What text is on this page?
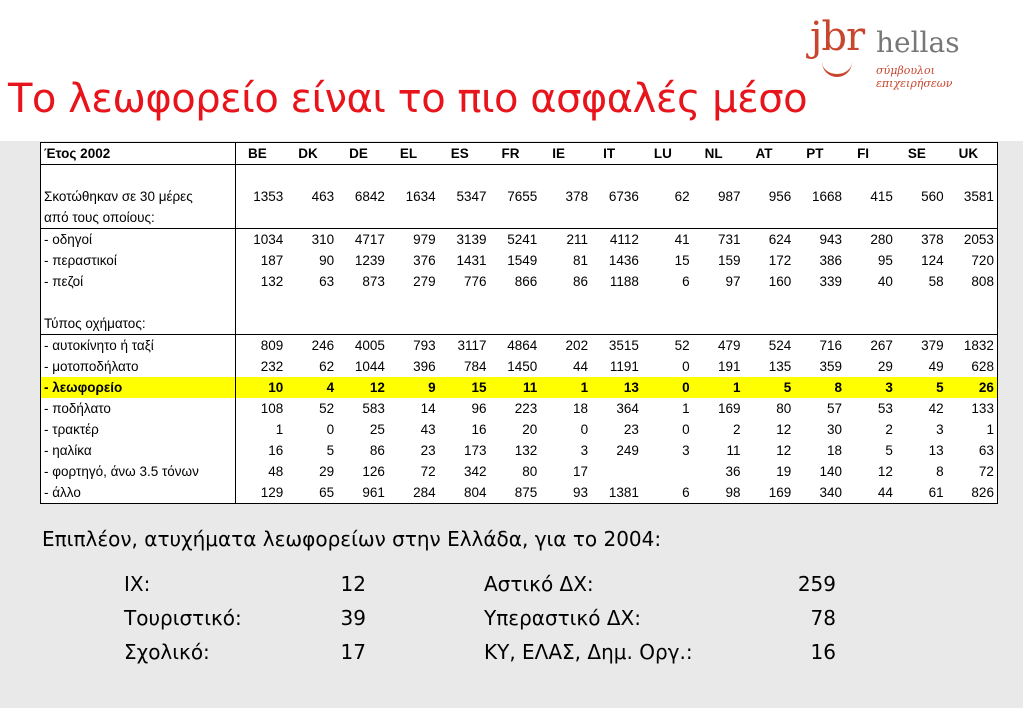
jbr hellas
σύμβουλοι επιχειρήσεων
Το λεωφορείο είναι το πιο ασφαλές μέσο
Έτος 2002	BE	DK	DE	EL	ES	FR	IE	IT	LU	NL	AT	PT	FI	SE	UK

Σκοτώθηκαν σε 30 μέρες	1353	463	6842	1634	5347	7655	378	6736	62	987	956	1668	415	560	3581
από τους οποίους:															
- οδηγοί	1034	310	4717	979	3139	5241	211	4112	41	731	624	943	280	378	2053
- περαστικοί	187	90	1239	376	1431	1549	81	1436	15	159	172	386	95	124	720
- πεζοί	132	63	873	279	776	866	86	1188	6	97	160	339	40	58	808

Τύπος οχήματος:															
- αυτοκίνητο ή ταξί	809	246	4005	793	3117	4864	202	3515	52	479	524	716	267	379	1832
- μοτοποδήλατο	232	62	1044	396	784	1450	44	1191	0	191	135	359	29	49	628
- λεωφορείο	10	4	12	9	15	11	1	13	0	1	5	8	3	5	26
- ποδήλατο	108	52	583	14	96	223	18	364	1	169	80	57	53	42	133
- τρακτέρ	1	0	25	43	16	20	0	23	0	2	12	30	2	3	1
- ηαλίκα	16	5	86	23	173	132	3	249	3	11	12	18	5	13	63
- φορτηγό, άνω 3.5 τόνων	48	29	126	72	342	80	17			36	19	140	12	8	72
- άλλο	129	65	961	284	804	875	93	1381	6	98	169	340	44	61	826
Επιπλέον, ατυχήματα λεωφορείων στην Ελλάδα, για το 2004:
ΙΧ:	12
Τουριστικό:	39
Σχολικό:	17
Αστικό ΔΧ:	259
Υπεραστικό ΔΧ:	78
ΚΥ, ΕΛΑΣ, Δημ. Οργ.:	16
